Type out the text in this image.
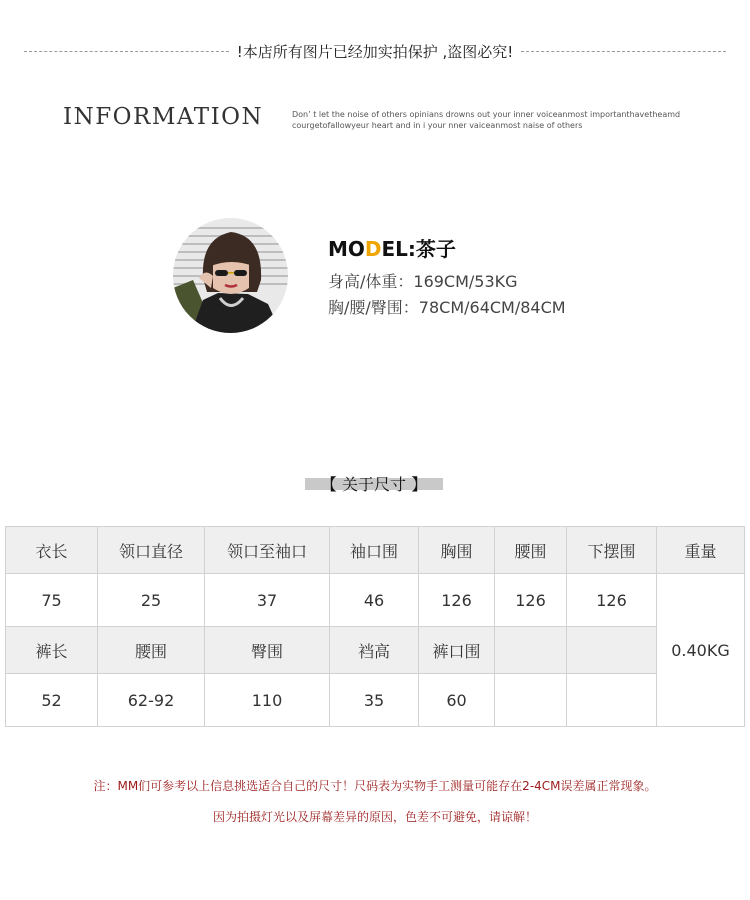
!本店所有图片已经加实拍保护 ,盗图必究!
INFORMATION	Don’ t let the noise of others opinians drowns out your inner voiceanmost importanthavetheamd
courgetofallowyeur heart and in i your nner vaiceanmost naise of others
MODEL:茶子
身高/体重：169CM/53KG
胸/腰/臀围：78CM/64CM/84CM
【 关于尺寸 】
衣长	领口直径	领口至袖口	袖口围	胸围	腰围	下摆围	重量
75	25	37	46	126	126	126	0.40KG
裤长	腰围	臀围	裆高	裤口围			
52	62-92	110	35	60			
注：MM们可参考以上信息挑选适合自己的尺寸！尺码表为实物手工测量可能存在2-4CM误差属正常现象。
因为拍摄灯光以及屏幕差异的原因，色差不可避免，请谅解！
